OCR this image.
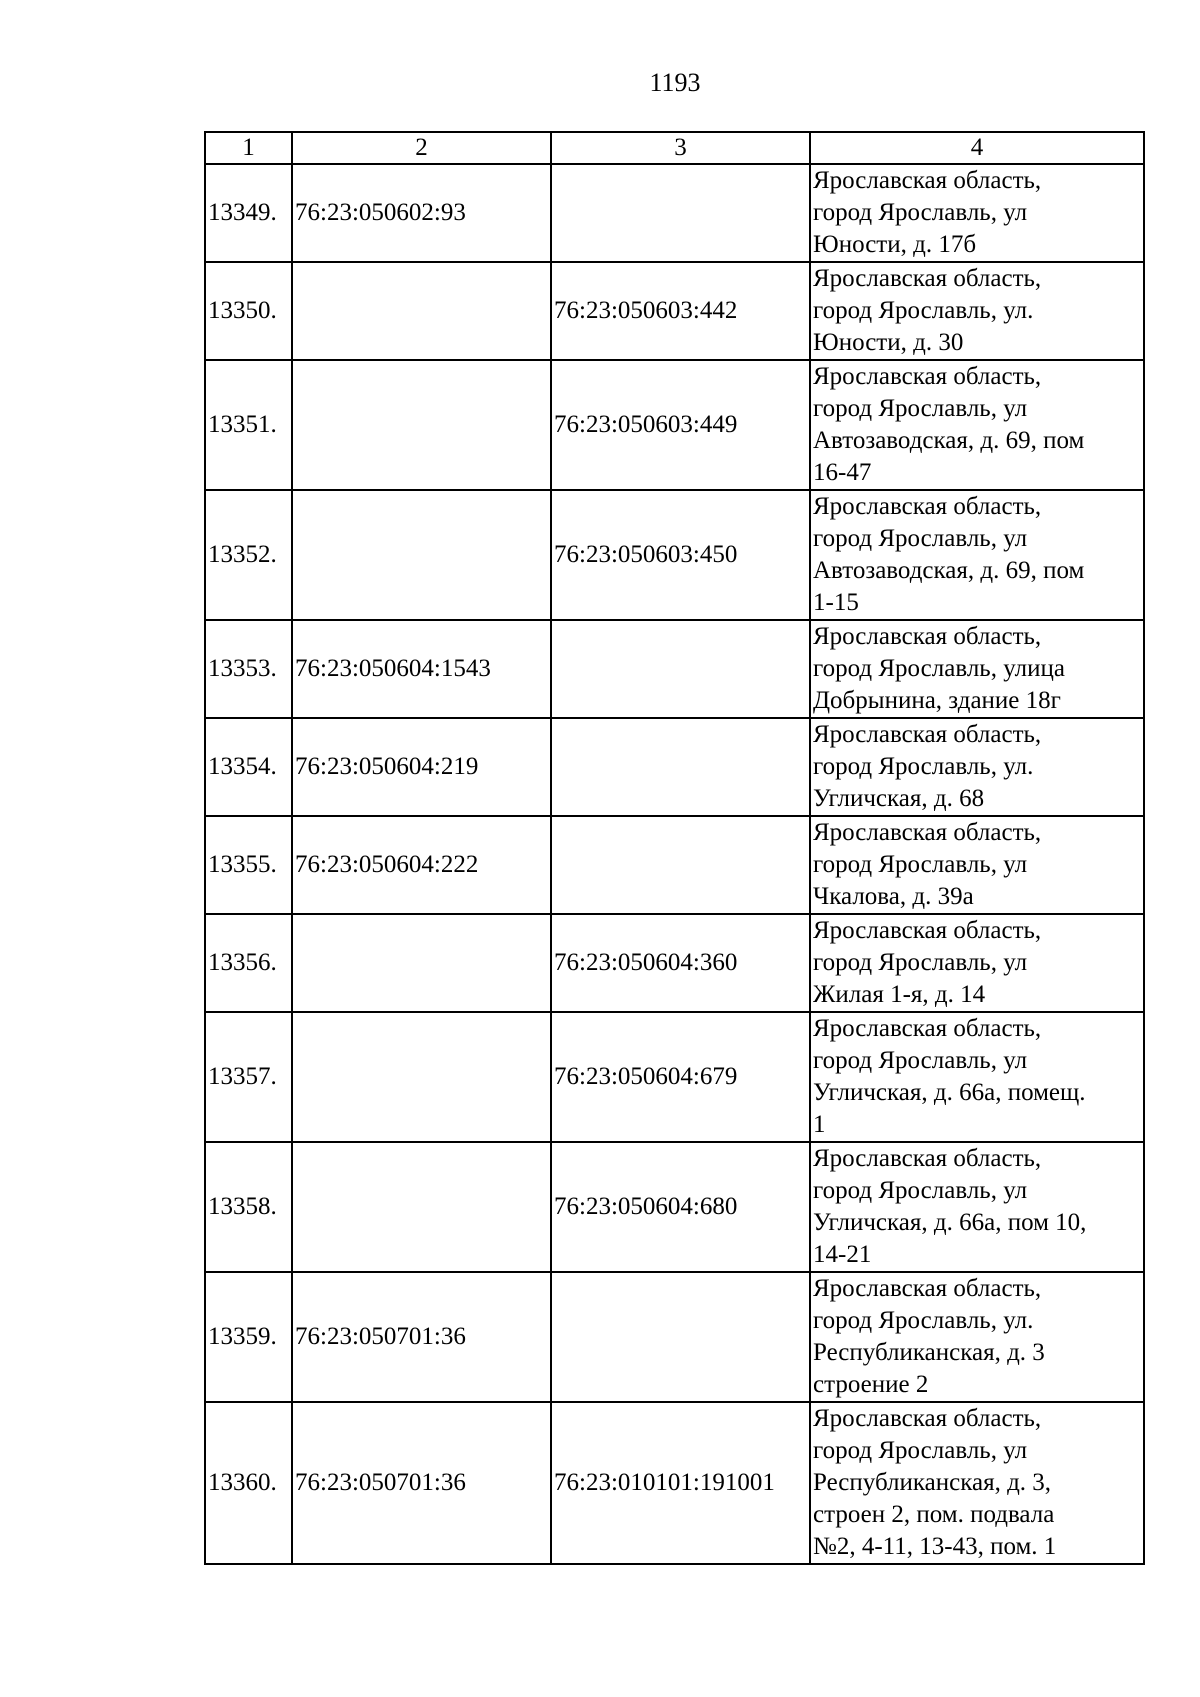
1193
1	2	3	4
13349.	76:23:050602:93		Ярославская область,
город Ярославль, ул
Юности, д. 17б
13350.		76:23:050603:442	Ярославская область,
город Ярославль, ул.
Юности, д. 30
13351.		76:23:050603:449	Ярославская область,
город Ярославль, ул
Автозаводская, д. 69, пом
16-47
13352.		76:23:050603:450	Ярославская область,
город Ярославль, ул
Автозаводская, д. 69, пом
1-15
13353.	76:23:050604:1543		Ярославская область,
город Ярославль, улица
Добрынина, здание 18г
13354.	76:23:050604:219		Ярославская область,
город Ярославль, ул.
Угличская, д. 68
13355.	76:23:050604:222		Ярославская область,
город Ярославль, ул
Чкалова, д. 39а
13356.		76:23:050604:360	Ярославская область,
город Ярославль, ул
Жилая 1-я, д. 14
13357.		76:23:050604:679	Ярославская область,
город Ярославль, ул
Угличская, д. 66а, помещ.
1
13358.		76:23:050604:680	Ярославская область,
город Ярославль, ул
Угличская, д. 66а, пом 10,
14-21
13359.	76:23:050701:36		Ярославская область,
город Ярославль, ул.
Республиканская, д. 3
строение 2
13360.	76:23:050701:36	76:23:010101:191001	Ярославская область,
город Ярославль, ул
Республиканская, д. 3,
строен 2, пом. подвала
№2, 4-11, 13-43, пом. 1
